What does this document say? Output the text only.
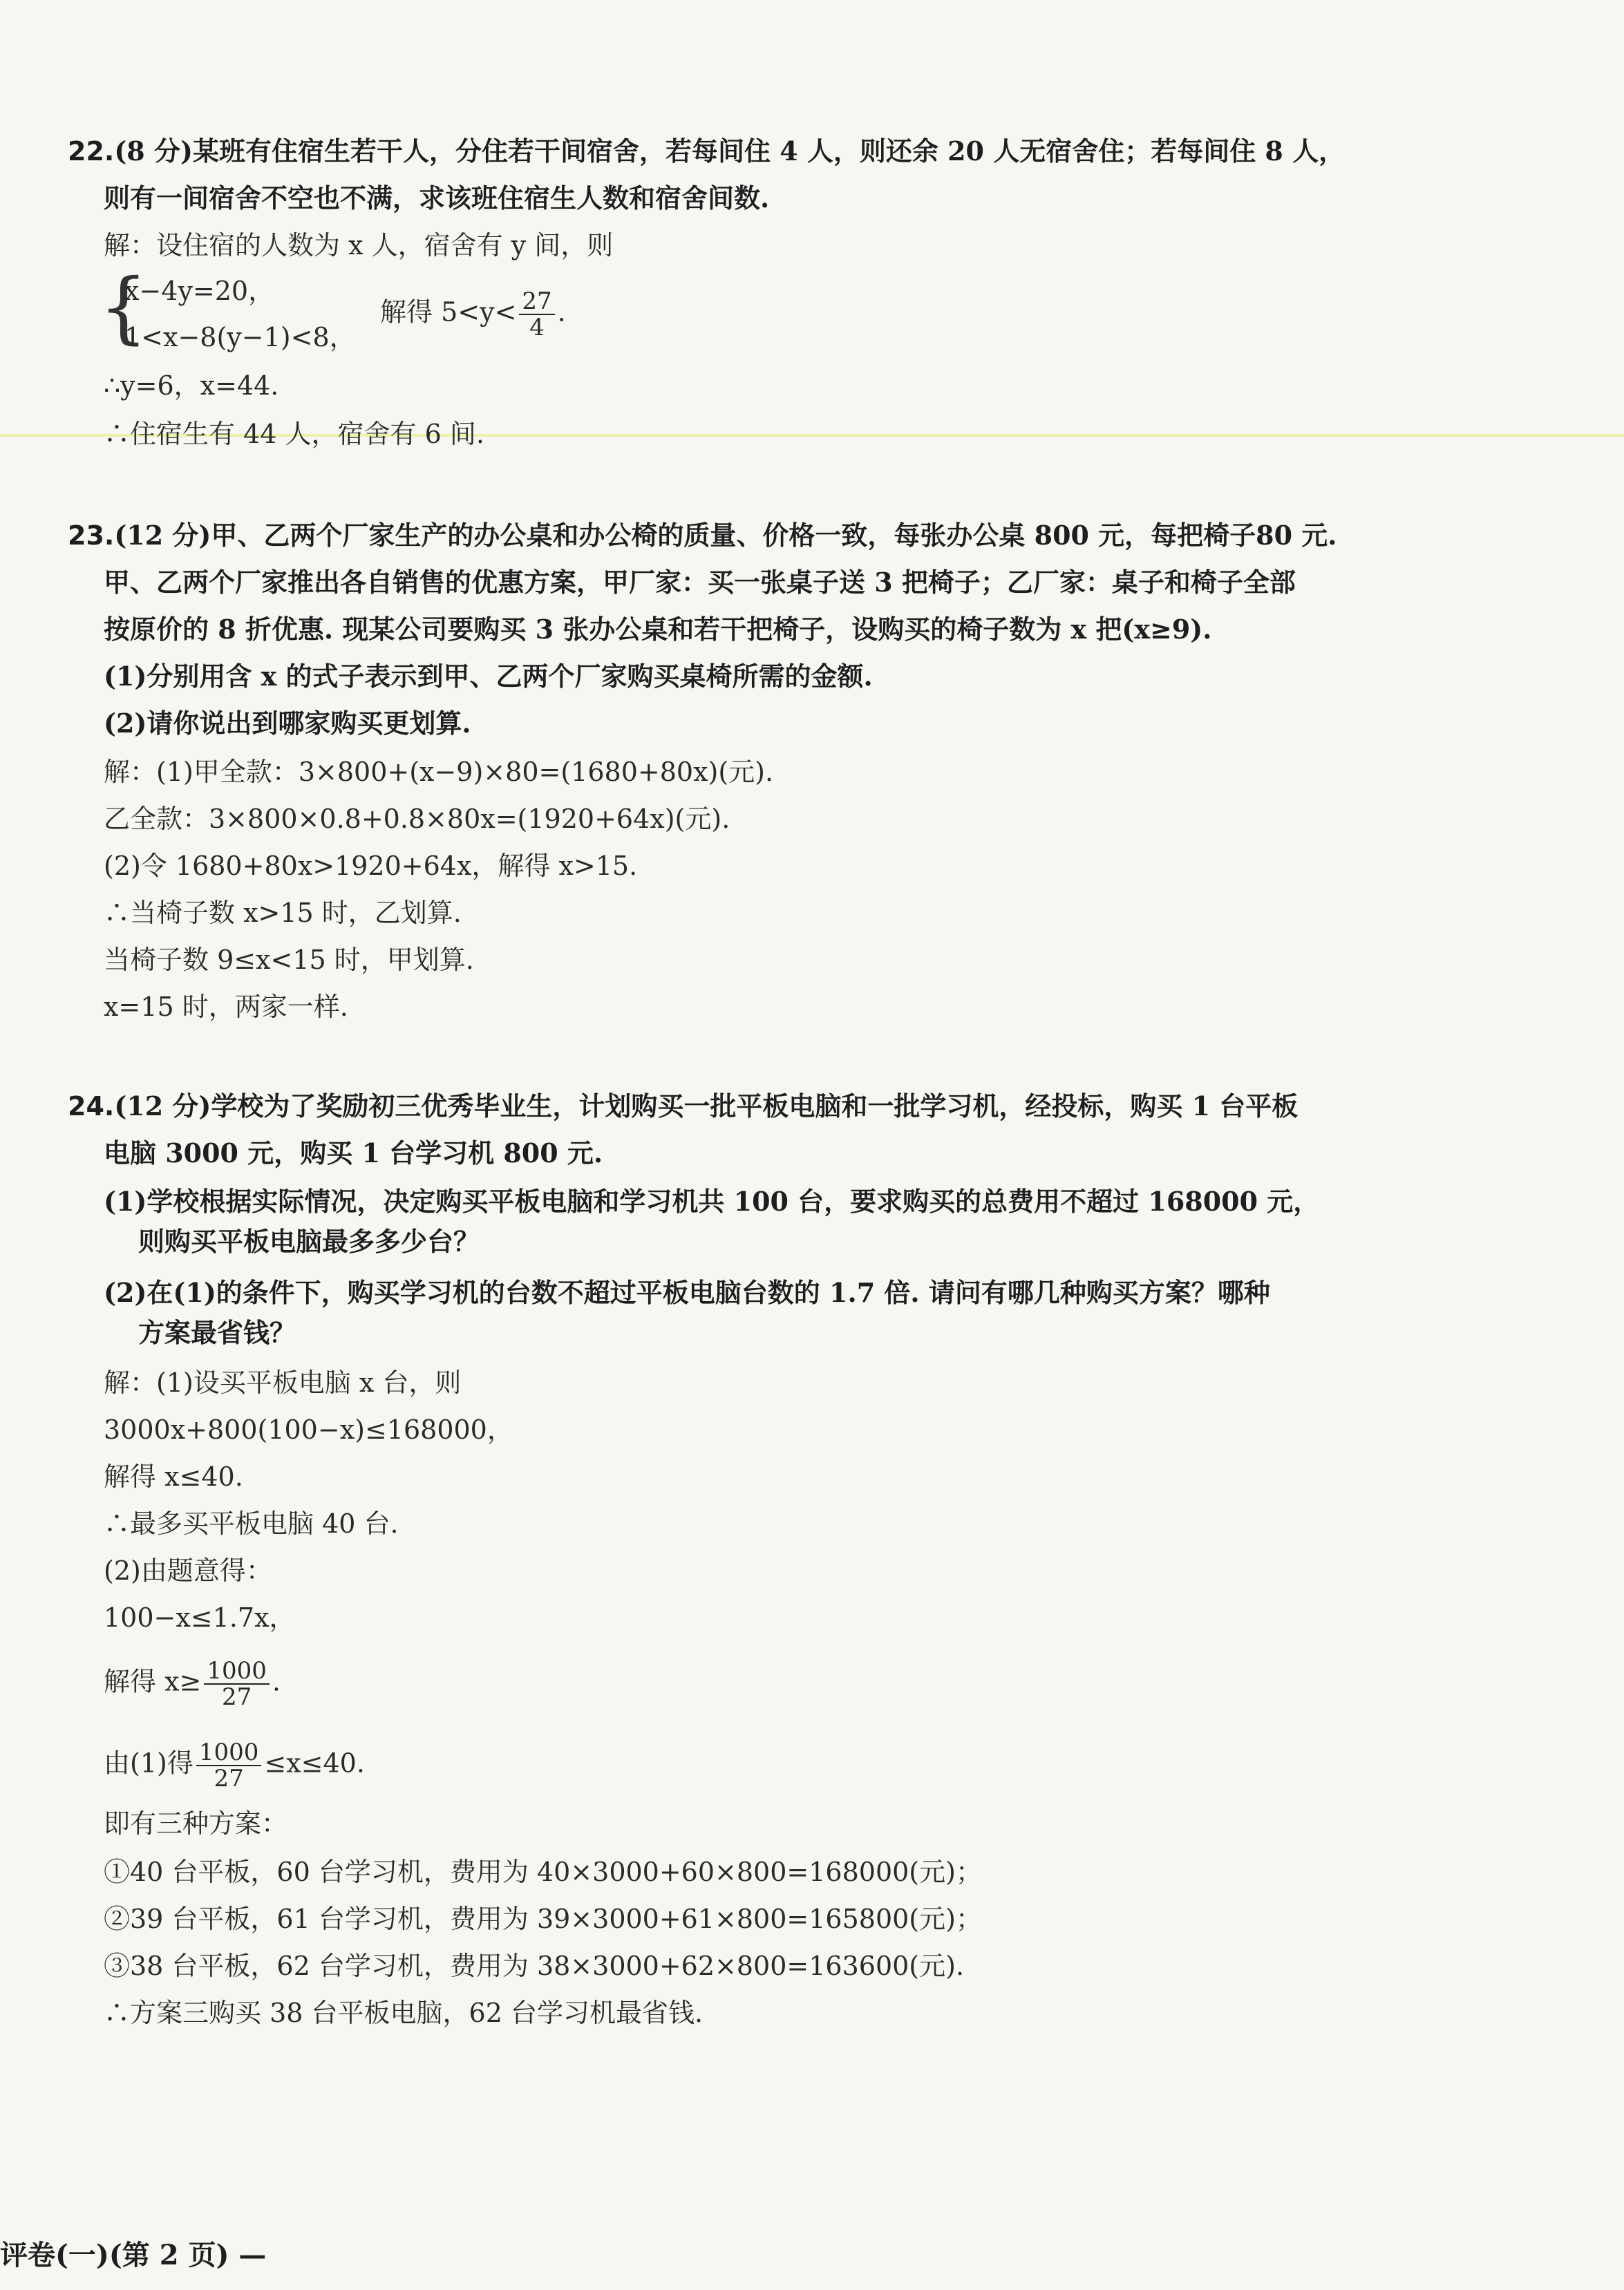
22.(8 分)某班有住宿生若干人，分住若干间宿舍，若每间住 4 人，则还余 20 人无宿舍住；若每间住 8 人，
则有一间宿舍不空也不满，求该班住宿生人数和宿舍间数.
解：设住宿的人数为 x 人，宿舍有 y 间，则
{
x−4y=20，
1<x−8(y−1)<8，
解得 $5<y< \frac{27}{4}$ .
∴y=6，x=44.
∴住宿生有 44 人，宿舍有 6 间.
23.(12 分)甲、乙两个厂家生产的办公桌和办公椅的质量、价格一致，每张办公桌 800 元，每把椅子80 元.
甲、乙两个厂家推出各自销售的优惠方案，甲厂家：买一张桌子送 3 把椅子；乙厂家：桌子和椅子全部
按原价的 8 折优惠. 现某公司要购买 3 张办公桌和若干把椅子，设购买的椅子数为 x 把(x≥9).
(1)分别用含 x 的式子表示到甲、乙两个厂家购买桌椅所需的金额.
(2)请你说出到哪家购买更划算.
解：(1)甲全款：3×800+(x−9)×80=(1680+80x)(元).
乙全款：3×800×0.8+0.8×80x=(1920+64x)(元).
(2)令 1680+80x>1920+64x，解得 x>15.
∴当椅子数 x>15 时，乙划算.
当椅子数 9≤x<15 时，甲划算.
x=15 时，两家一样.
24.(12 分)学校为了奖励初三优秀毕业生，计划购买一批平板电脑和一批学习机，经投标，购买 1 台平板
电脑 3000 元，购买 1 台学习机 800 元.
(1)学校根据实际情况，决定购买平板电脑和学习机共 100 台，要求购买的总费用不超过 168000 元，
则购买平板电脑最多多少台？
(2)在(1)的条件下，购买学习机的台数不超过平板电脑台数的 1.7 倍. 请问有哪几种购买方案？哪种
方案最省钱？
解：(1)设买平板电脑 x 台，则
3000x+800(100−x)≤168000，
解得 x≤40.
∴最多买平板电脑 40 台.
(2)由题意得：
100−x≤1.7x，
解得 $x\ge \frac{1000}{27}$ .
由(1)得 $\frac{1000}{27} \le x\le 40$.
即有三种方案：
①40 台平板，60 台学习机，费用为 40×3000+60×800=168000(元)；
②39 台平板，61 台学习机，费用为 39×3000+61×800=165800(元)；
③38 台平板，62 台学习机，费用为 38×3000+62×800=163600(元).
∴方案三购买 38 台平板电脑，62 台学习机最省钱.
评卷(一)(第 2 页) —
